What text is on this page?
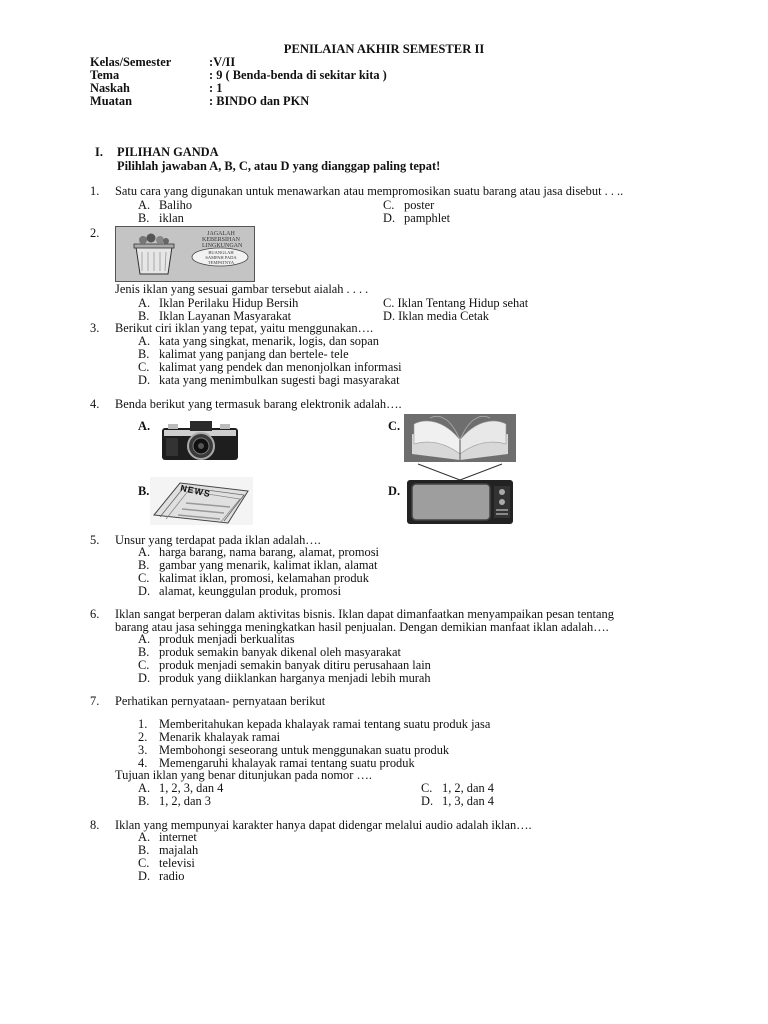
PENILAIAN AKHIR SEMESTER II
Kelas/Semester	:V/II
Tema	: 9 ( Benda-benda di sekitar kita )
Naskah	: 1
Muatan	: BINDO dan PKN
I. PILIHAN GANDA
Pilihlah jawaban A, B, C, atau D yang dianggap paling tepat!
1. Satu cara yang digunakan untuk menawarkan atau mempromosikan suatu barang atau jasa disebut . . ..
A. Baliho	C. poster
B. iklan	D. pamphlet
2.	JAGALAH
KEBERSIHAN
LINGKUNGAN
BUANGLAH
SAMPAH PADA
TEMPATNYA
Jenis iklan yang sesuai gambar tersebut aialah . . . .
A. Iklan Perilaku Hidup Bersih	C. Iklan Tentang Hidup sehat
B. Iklan Layanan Masyarakat	D. Iklan media Cetak
3. Berikut ciri iklan yang tepat, yaitu menggunakan….
A. kata yang singkat, menarik, logis, dan sopan
B. kalimat yang panjang dan bertele- tele
C. kalimat yang pendek dan menonjolkan informasi
D. kata yang menimbulkan sugesti bagi masyarakat
4. Benda berikut yang termasuk barang elektronik adalah….
A.	C.
B.	NEWS	D.
5. Unsur yang terdapat pada iklan adalah….
A. harga barang, nama barang, alamat, promosi
B. gambar yang menarik, kalimat iklan, alamat
C. kalimat iklan, promosi, kelamahan produk
D. alamat, keunggulan produk, promosi
6. Iklan sangat berperan dalam aktivitas bisnis. Iklan dapat dimanfaatkan menyampaikan pesan tentang
barang atau jasa sehingga meningkatkan hasil penjualan. Dengan demikian manfaat iklan adalah….
A. produk menjadi berkualitas
B. produk semakin banyak dikenal oleh masyarakat
C. produk menjadi semakin banyak ditiru perusahaan lain
D. produk yang diiklankan harganya menjadi lebih murah
7. Perhatikan pernyataan- pernyataan berikut
1. Memberitahukan kepada khalayak ramai tentang suatu produk jasa
2. Menarik khalayak ramai
3. Membohongi seseorang untuk menggunakan suatu produk
4. Memengaruhi khalayak ramai tentang suatu produk
Tujuan iklan yang benar ditunjukan pada nomor ….
A. 1, 2, 3, dan 4	C. 1, 2, dan 4
B. 1, 2, dan 3	D. 1, 3, dan 4
8. Iklan yang mempunyai karakter hanya dapat didengar melalui audio adalah iklan….
A. internet
B. majalah
C. televisi
D. radio
